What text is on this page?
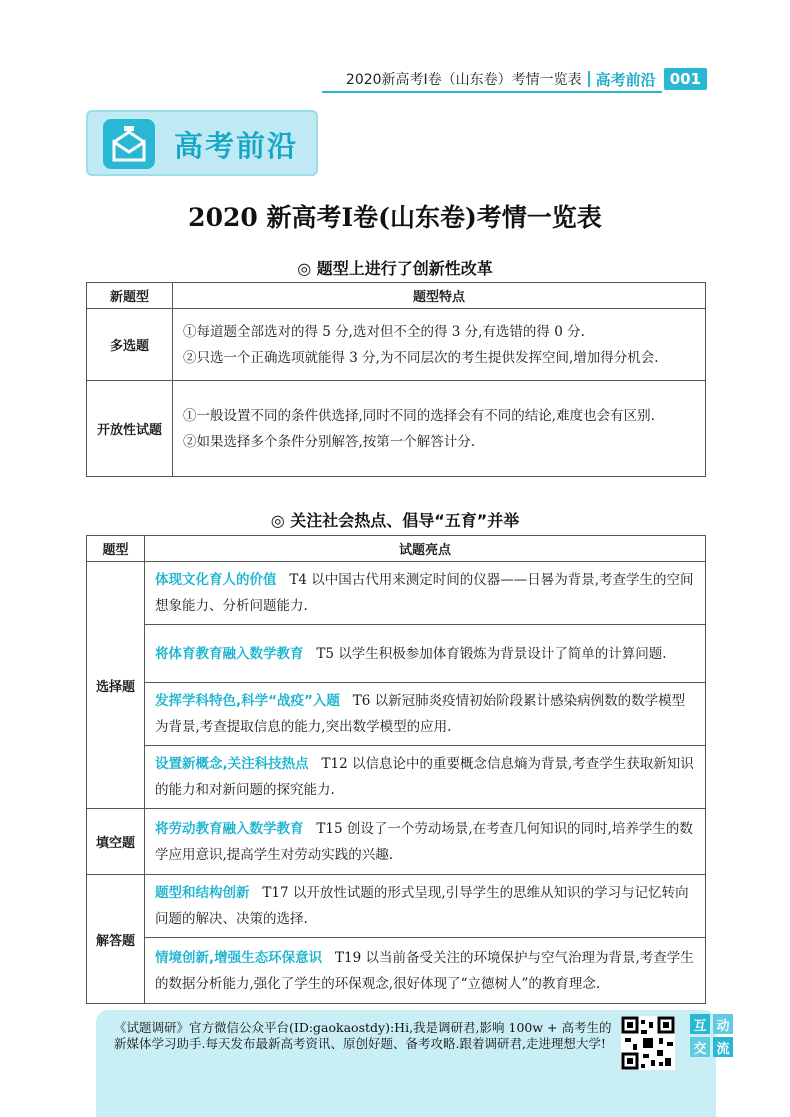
2020新高考Ⅰ卷（山东卷）考情一览表 高考前沿 001
高考前沿
2020 新高考Ⅰ卷(山东卷)考情一览表
◎ 题型上进行了创新性改革
新题型	题型特点
多选题	①每道题全部选对的得 5 分,选对但不全的得 3 分,有选错的得 0 分.
②只选一个正确选项就能得 3 分,为不同层次的考生提供发挥空间,增加得分机会.

开放性试题	①一般设置不同的条件供选择,同时不同的选择会有不同的结论,难度也会有区别.
②如果选择多个条件分别解答,按第一个解答计分.
◎ 关注社会热点、倡导“五育”并举
题型	试题亮点
选择题	体现文化育人的价值 T4 以中国古代用来测定时间的仪器——日晷为背景,考查学生的空间想象能力、分析问题能力.
	将体育教育融入数学教育 T5 以学生积极参加体育锻炼为背景设计了简单的计算问题.
	发挥学科特色,科学“战疫”入题 T6 以新冠肺炎疫情初始阶段累计感染病例数的数学模型为背景,考查提取信息的能力,突出数学模型的应用.
	设置新概念,关注科技热点 T12 以信息论中的重要概念信息熵为背景,考查学生获取新知识的能力和对新问题的探究能力.
填空题	将劳动教育融入数学教育 T15 创设了一个劳动场景,在考查几何知识的同时,培养学生的数学应用意识,提高学生对劳动实践的兴趣.
解答题	题型和结构创新 T17 以开放性试题的形式呈现,引导学生的思维从知识的学习与记忆转向问题的解决、决策的选择.
	情境创新,增强生态环保意识 T19 以当前备受关注的环境保护与空气治理为背景,考查学生的数据分析能力,强化了学生的环保观念,很好体现了“立德树人”的教育理念.
《试题调研》官方微信公众平台(ID:gaokaostdy):Hi,我是调研君,影响 100w + 高考生的新媒体学习助手.每天发布最新高考资讯、原创好题、备考攻略.跟着调研君,走进理想大学!
互 动
交 流
